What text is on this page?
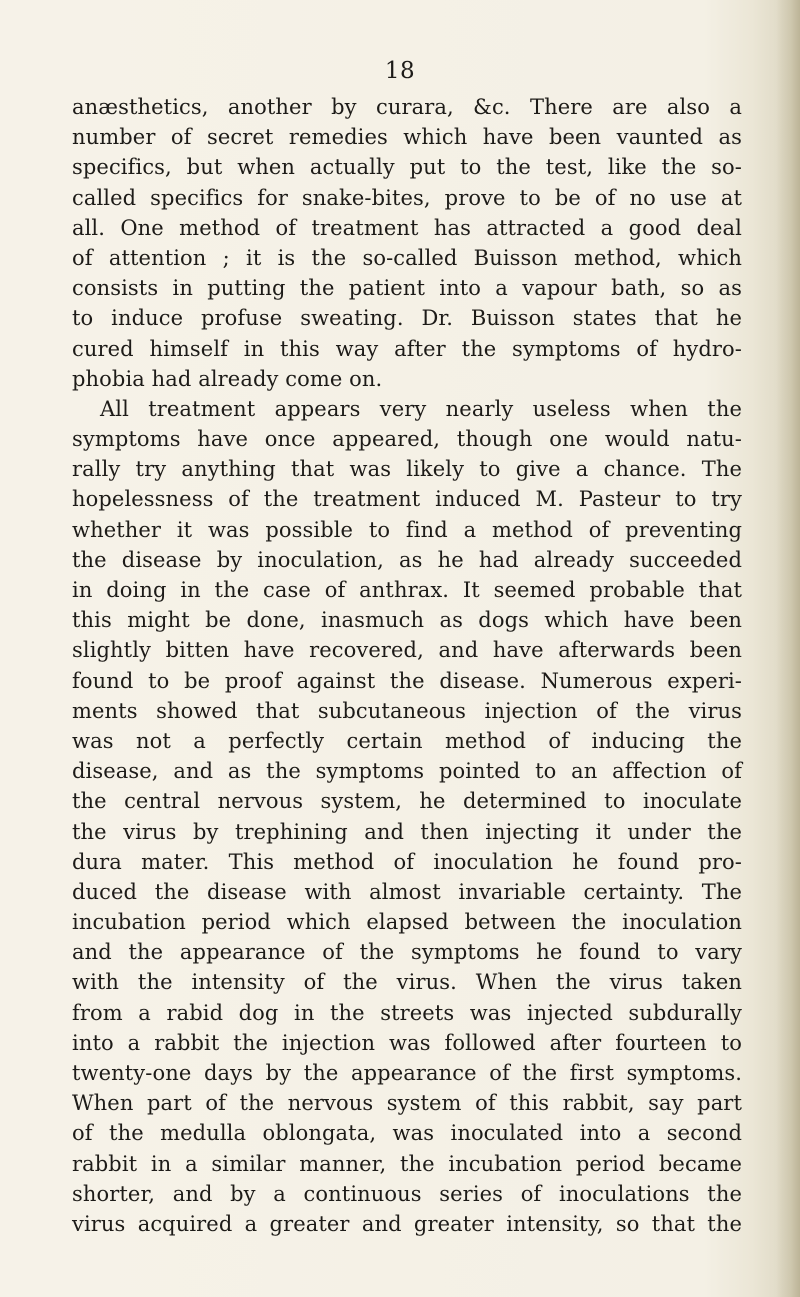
18
anæsthetics, another by curara, &c. There are also a
number of secret remedies which have been vaunted as
specifics, but when actually put to the test, like the so-
called specifics for snake-bites, prove to be of no use at
all. One method of treatment has attracted a good deal
of attention ; it is the so-called Buisson method, which
consists in putting the patient into a vapour bath, so as
to induce profuse sweating. Dr. Buisson states that he
cured himself in this way after the symptoms of hydro-
phobia had already come on.
All treatment appears very nearly useless when the
symptoms have once appeared, though one would natu-
rally try anything that was likely to give a chance. The
hopelessness of the treatment induced M. Pasteur to try
whether it was possible to find a method of preventing
the disease by inoculation, as he had already succeeded
in doing in the case of anthrax. It seemed probable that
this might be done, inasmuch as dogs which have been
slightly bitten have recovered, and have afterwards been
found to be proof against the disease. Numerous experi-
ments showed that subcutaneous injection of the virus
was not a perfectly certain method of inducing the
disease, and as the symptoms pointed to an affection of
the central nervous system, he determined to inoculate
the virus by trephining and then injecting it under the
dura mater. This method of inoculation he found pro-
duced the disease with almost invariable certainty. The
incubation period which elapsed between the inoculation
and the appearance of the symptoms he found to vary
with the intensity of the virus. When the virus taken
from a rabid dog in the streets was injected subdurally
into a rabbit the injection was followed after fourteen to
twenty-one days by the appearance of the first symptoms.
When part of the nervous system of this rabbit, say part
of the medulla oblongata, was inoculated into a second
rabbit in a similar manner, the incubation period became
shorter, and by a continuous series of inoculations the
virus acquired a greater and greater intensity, so that the
